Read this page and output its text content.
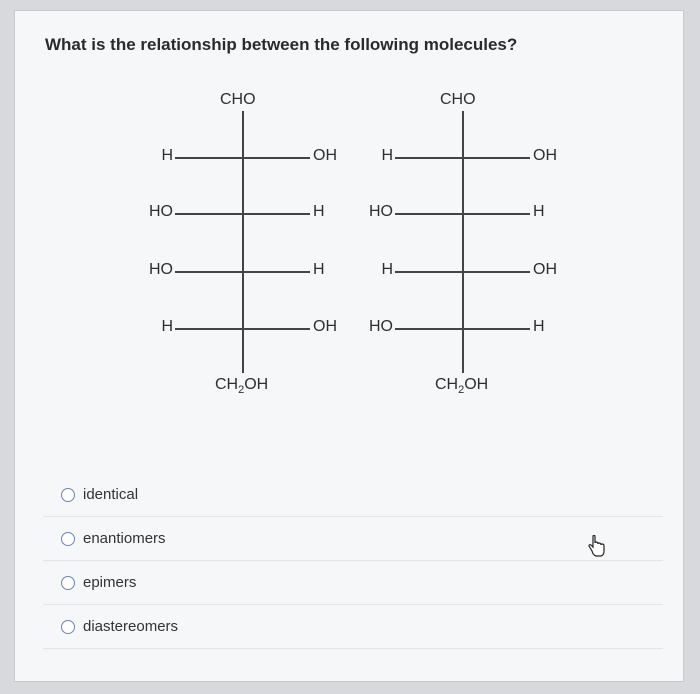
What is the relationship between the following molecules?
CHO
H	OH
HO	H
HO	H
H	OH
$CH_2OH$
CHO
H	OH
HO	H
H	OH
HO	H
$CH_2OH$
identical
enantiomers
epimers
diastereomers
